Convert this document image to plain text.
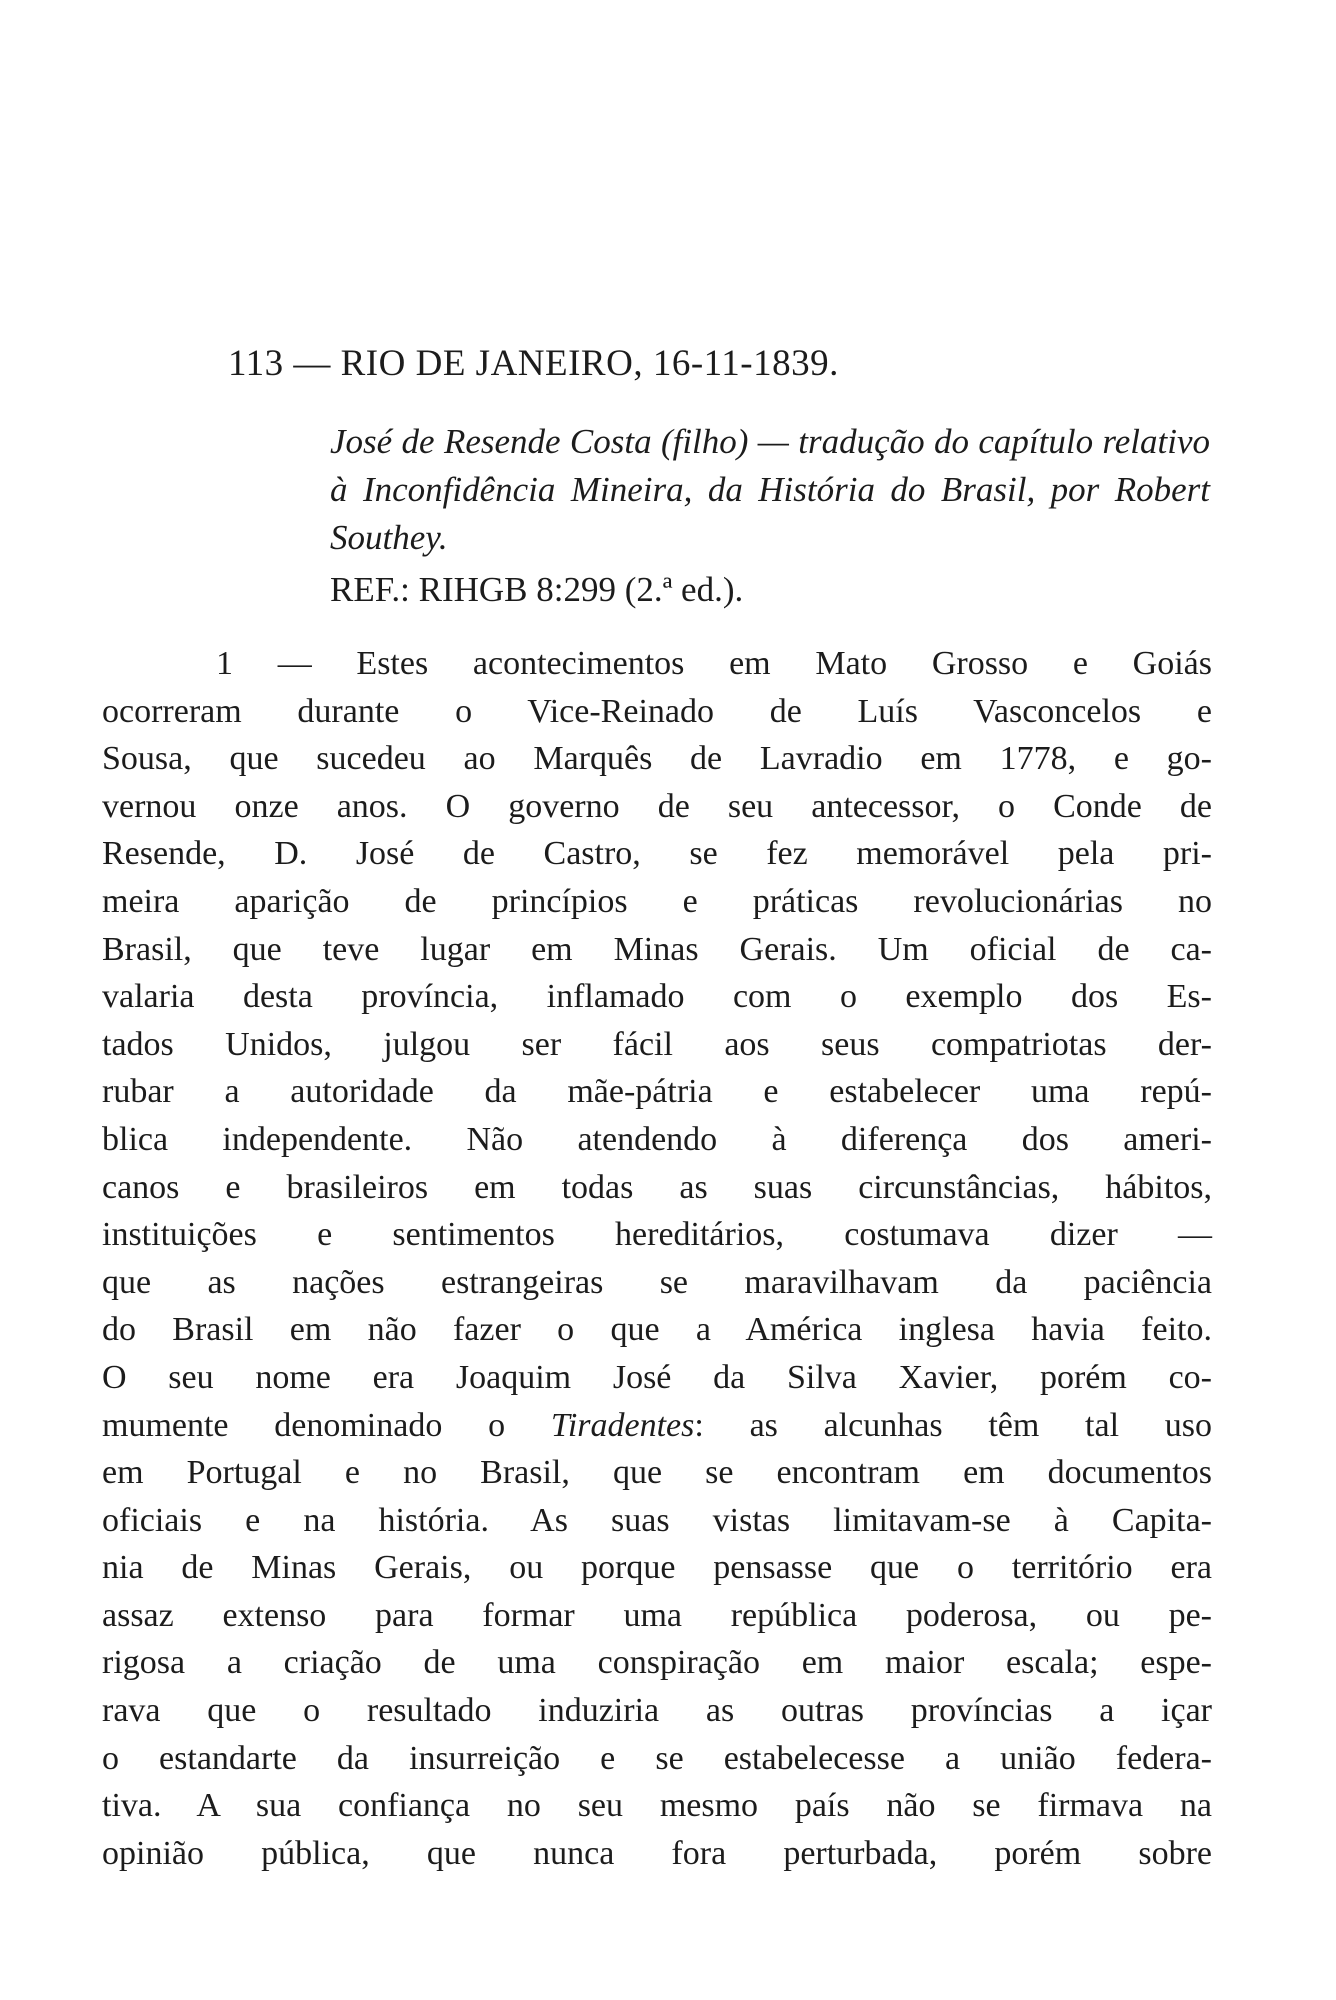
113 — RIO DE JANEIRO, 16-11-1839.
José de Resende Costa (filho) — tradução do capítulo relativo à Inconfidência Mineira, da História do Brasil, por Robert Southey.
REF.: RIHGB 8:299 (2.ª ed.).
1 — Estes acontecimentos em Mato Grosso e Goiás
ocorreram durante o Vice-Reinado de Luís Vasconcelos e
Sousa, que sucedeu ao Marquês de Lavradio em 1778, e go-
vernou onze anos. O governo de seu antecessor, o Conde de
Resende, D. José de Castro, se fez memorável pela pri-
meira aparição de princípios e práticas revolucionárias no
Brasil, que teve lugar em Minas Gerais. Um oficial de ca-
valaria desta província, inflamado com o exemplo dos Es-
tados Unidos, julgou ser fácil aos seus compatriotas der-
rubar a autoridade da mãe-pátria e estabelecer uma repú-
blica independente. Não atendendo à diferença dos ameri-
canos e brasileiros em todas as suas circunstâncias, hábitos,
instituições e sentimentos hereditários, costumava dizer —
que as nações estrangeiras se maravilhavam da paciência
do Brasil em não fazer o que a América inglesa havia feito.
O seu nome era Joaquim José da Silva Xavier, porém co-
mumente denominado o Tiradentes: as alcunhas têm tal uso
em Portugal e no Brasil, que se encontram em documentos
oficiais e na história. As suas vistas limitavam-se à Capita-
nia de Minas Gerais, ou porque pensasse que o território era
assaz extenso para formar uma república poderosa, ou pe-
rigosa a criação de uma conspiração em maior escala; espe-
rava que o resultado induziria as outras províncias a içar
o estandarte da insurreição e se estabelecesse a união federa-
tiva. A sua confiança no seu mesmo país não se firmava na
opinião pública, que nunca fora perturbada, porém sobre
